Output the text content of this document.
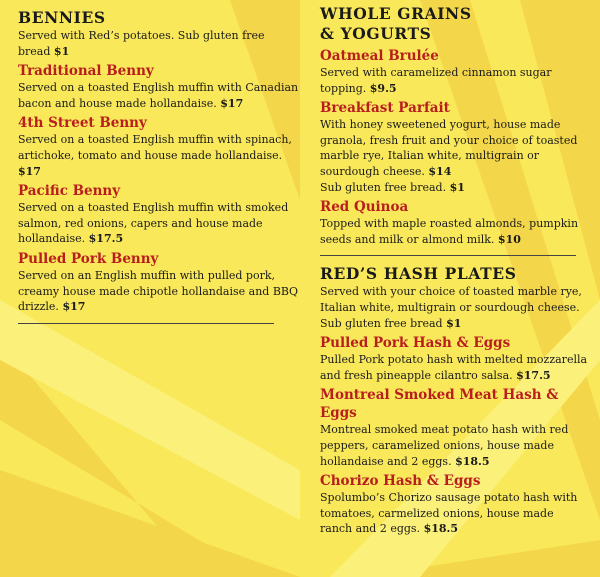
BENNIES
Served with Red’s potatoes. Sub gluten free bread $1
Traditional Benny
Served on a toasted English muffin with Canadian bacon and house made hollandaise. $17
4th Street Benny
Served on a toasted English muffin with spinach, artichoke, tomato and house made hollandaise. $17
Pacific Benny
Served on a toasted English muffin with smoked salmon, red onions, capers and house made hollandaise. $17.5
Pulled Pork Benny
Served on an English muffin with pulled pork, creamy house made chipotle hollandaise and BBQ drizzle. $17
WHOLE GRAINS
& YOGURTS
Oatmeal Brulée
Served with caramelized cinnamon sugar topping. $9.5
Breakfast Parfait
With honey sweetened yogurt, house made granola, fresh fruit and your choice of toasted marble rye, Italian white, multigrain or sourdough cheese. $14
Sub gluten free bread. $1
Red Quinoa
Topped with maple roasted almonds, pumpkin seeds and milk or almond milk. $10
RED’S HASH PLATES
Served with your choice of toasted marble rye, Italian white, multigrain or sourdough cheese. Sub gluten free bread $1
Pulled Pork Hash & Eggs
Pulled Pork potato hash with melted mozzarella and fresh pineapple cilantro salsa. $17.5
Montreal Smoked Meat Hash & Eggs
Montreal smoked meat potato hash with red peppers, caramelized onions, house made hollandaise and 2 eggs. $18.5
Chorizo Hash & Eggs
Spolumbo’s Chorizo sausage potato hash with tomatoes, carmelized onions, house made ranch and 2 eggs. $18.5
